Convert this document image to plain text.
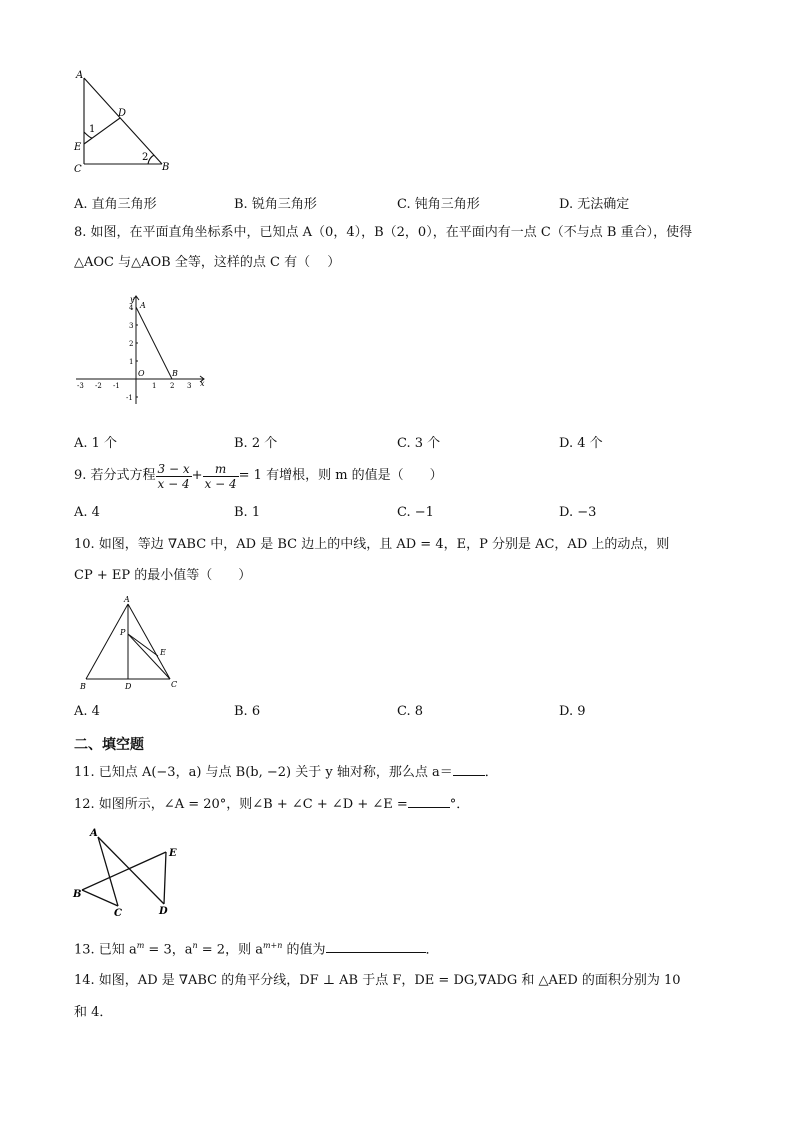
A
D
E
C	B
1
2
A. 直角三角形	B. 锐角三角形	C. 钝角三角形	D. 无法确定
8. 如图，在平面直角坐标系中，已知点 A（0，4），B（2，0），在平面内有一点 C（不与点 B 重合），使得
△AOC 与△AOB 全等，这样的点 C 有（　 ）
y
x
A
B
O
-3 -2 -1	1 2 3
4
3
2
1
-1
A. 1 个	B. 2 个	C. 3 个	D. 4 个
9. 若分式方程 $\frac{3 - x}{x - 4} + \frac{m}{x - 4} = 1$ 有增根，则 m 的值是（　　）
A. 4	B. 1	C. −1	D. −3
10. 如图，等边 ∇ABC 中，AD 是 BC 边上的中线，且 AD = 4，E，P 分别是 AC，AD 上的动点，则
CP + EP 的最小值等（　　）
A
P
E
B	D	C
A. 4	B. 6	C. 8	D. 9
二、填空题
11. 已知点 A(−3，a) 与点 B(b, −2) 关于 y 轴对称，那么点 a＝ ．
12. 如图所示，∠A = 20°，则∠B + ∠C + ∠D + ∠E =	°．
A
E
B
C	D
13. 已知 $a^m = 3$，$a^n = 2$，则 $a^{m+n}$ 的值为	．
14. 如图，AD 是 ∇ABC 的角平分线，DF ⊥ AB 于点 F，DE = DG,∇ADG 和 △AED 的面积分别为 10
和 4．
